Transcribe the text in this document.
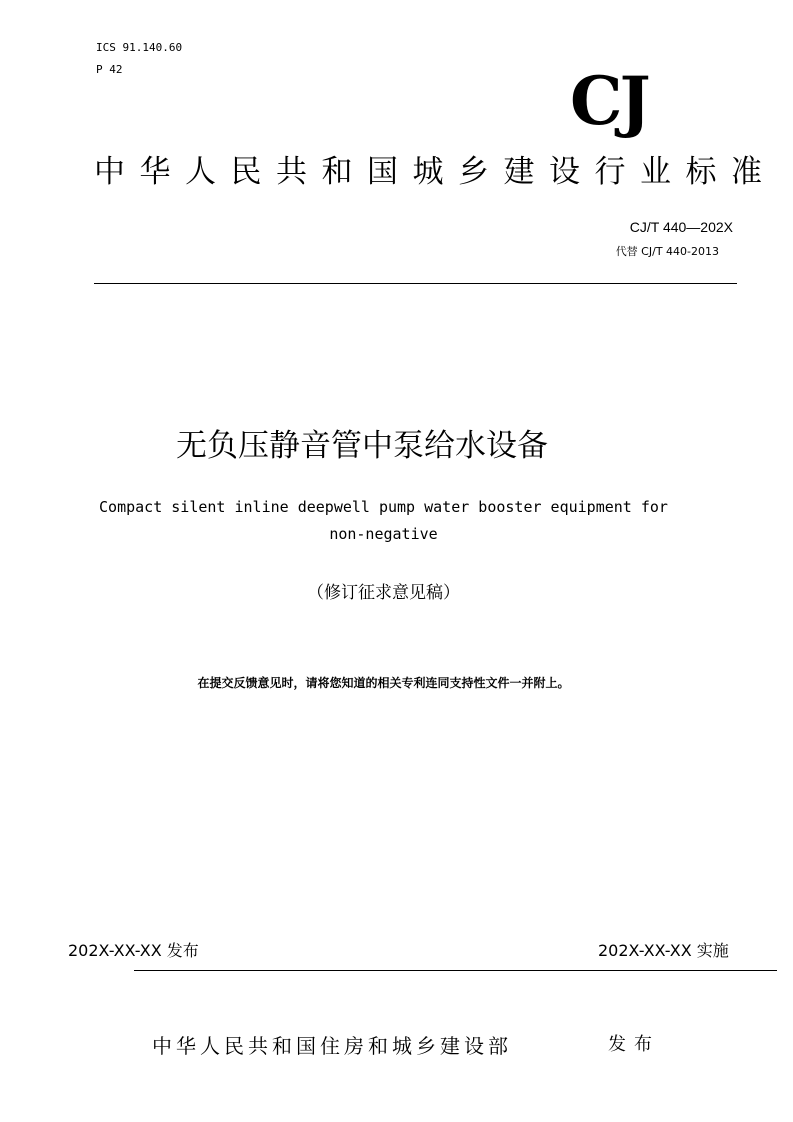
ICS 91.140.60
P 42	CJ
中华人民共和国城乡建设行业标准
CJ/T 440—202X
代替 CJ/T 440-2013
无负压静音管中泵给水设备
Compact silent inline deepwell pump water booster equipment for
non-negative
（修订征求意见稿）
在提交反馈意见时，请将您知道的相关专利连同支持性文件一并附上。
202X-XX-XX 发布	202X-XX-XX 实施
中华人民共和国住房和城乡建设部	发布
